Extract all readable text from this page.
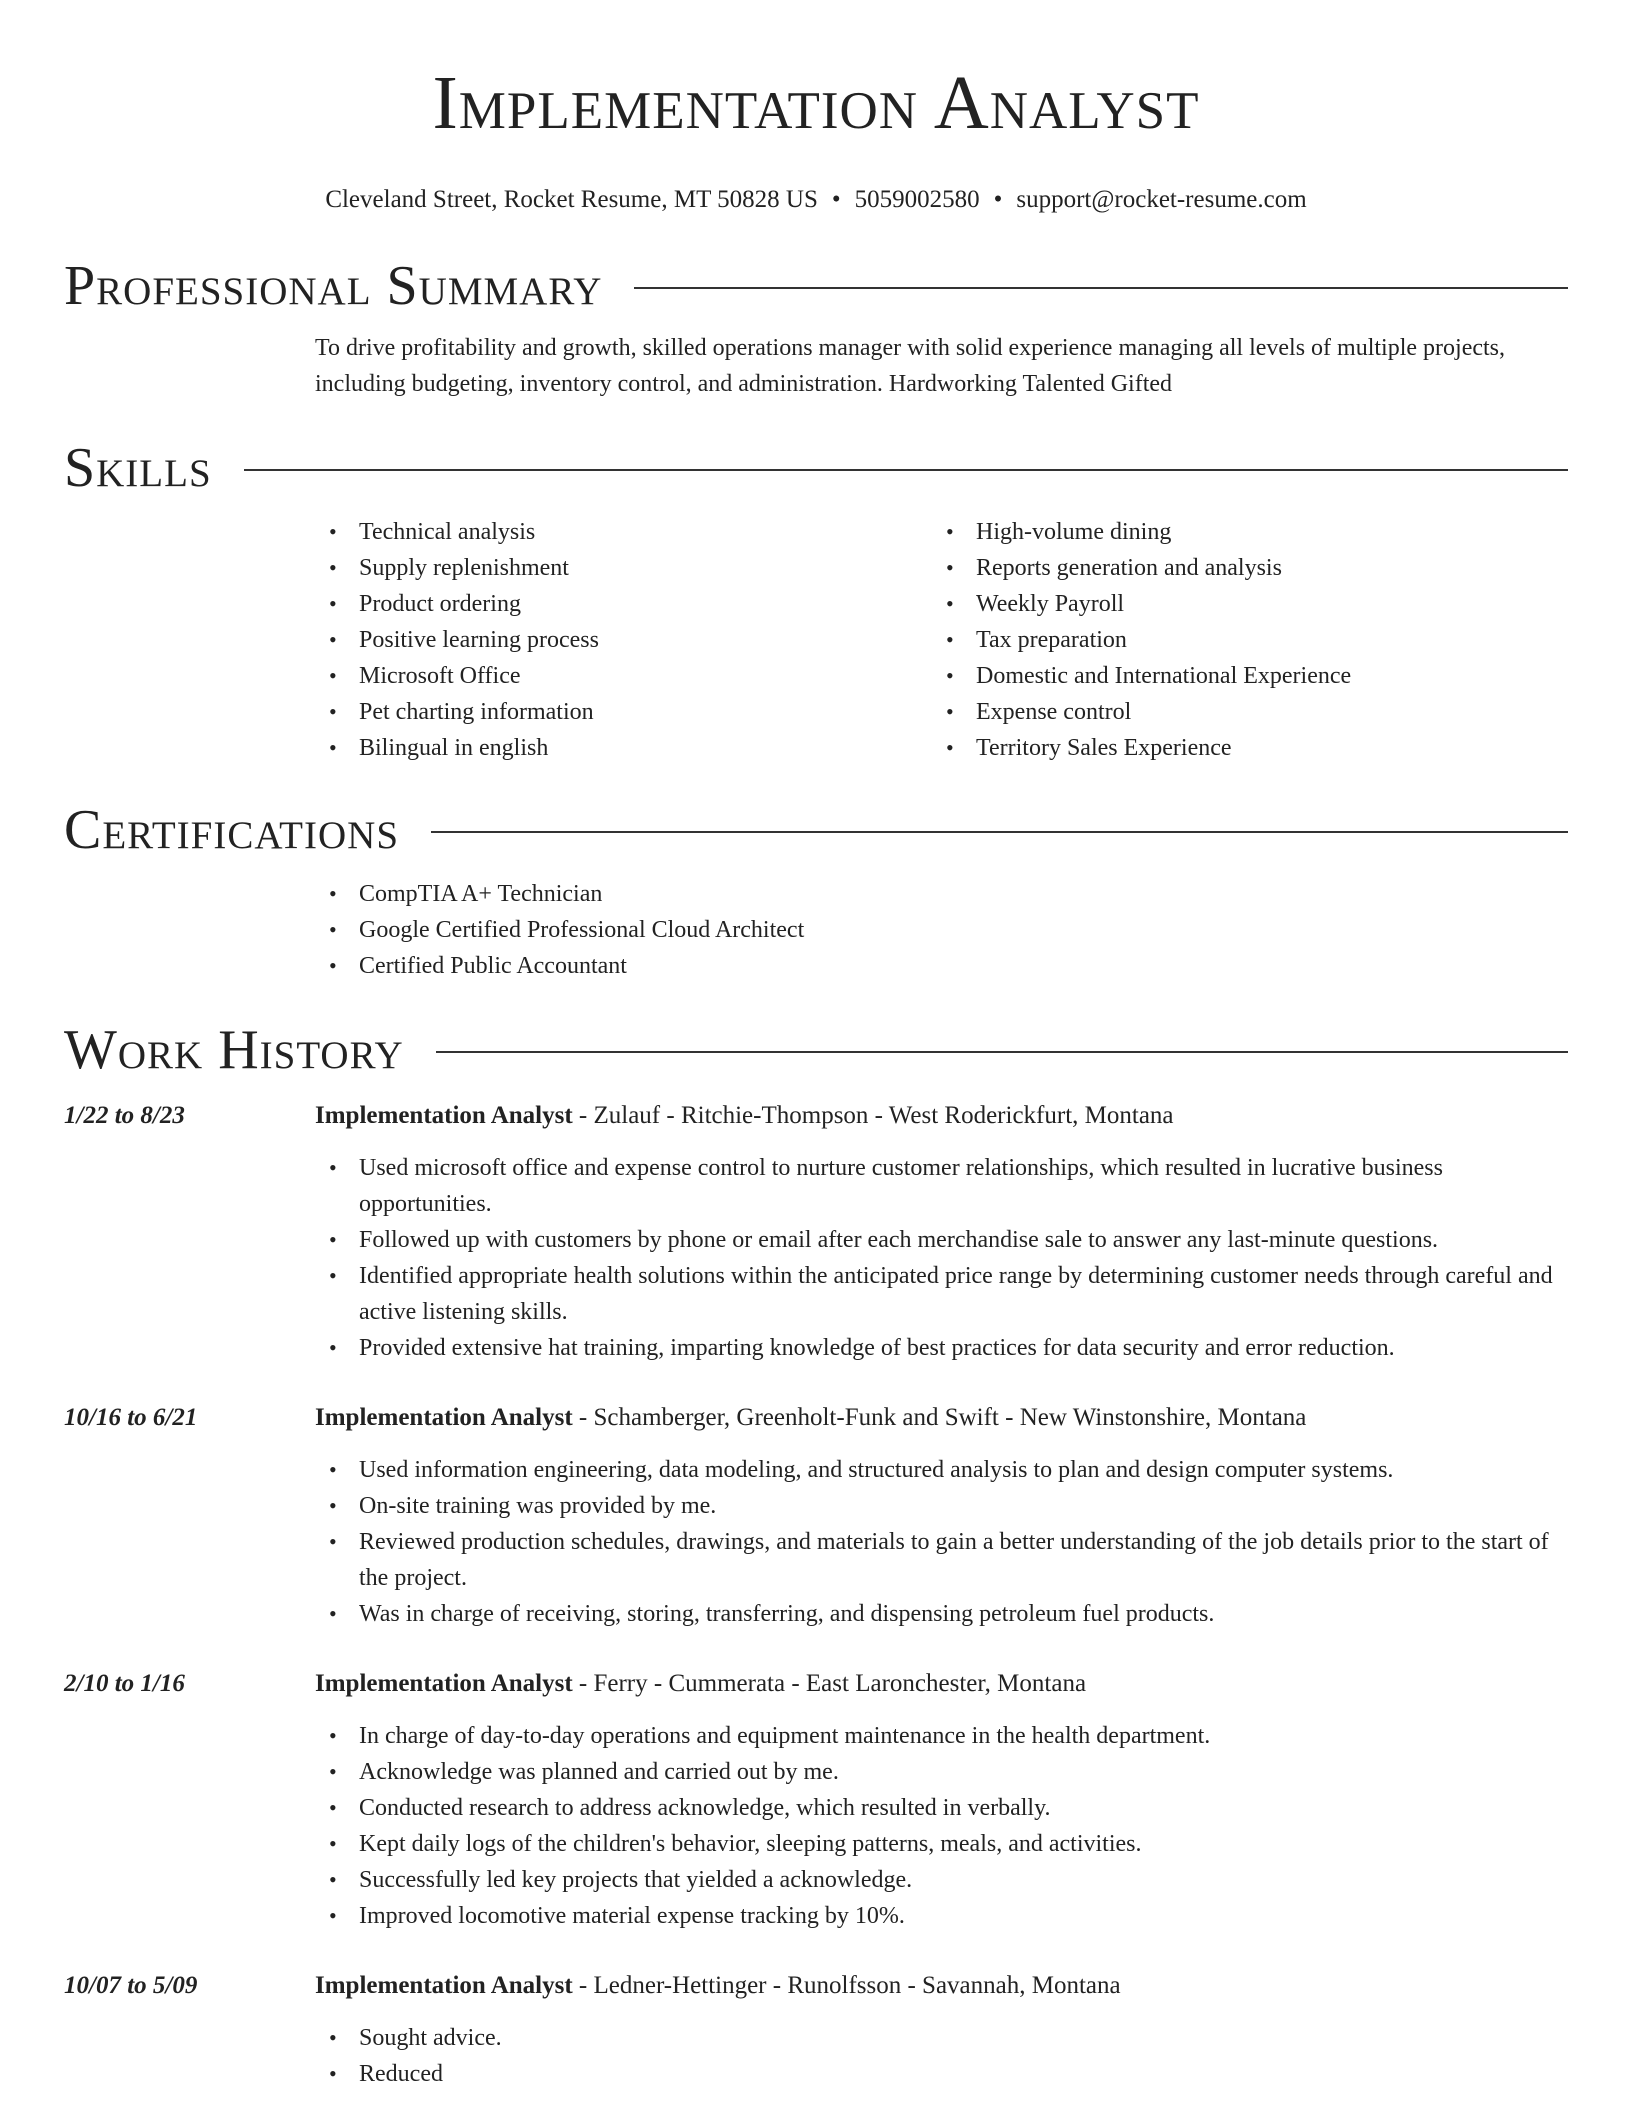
Implementation Analyst
Cleveland Street, Rocket Resume, MT 50828 US • 5059002580 • support@rocket-resume.com
Professional Summary

To drive profitability and growth, skilled operations manager with solid experience managing all levels of multiple projects, including budgeting, inventory control, and administration. Hardworking Talented Gifted

Skills
• Technical analysis
• Supply replenishment
• Product ordering
• Positive learning process
• Microsoft Office
• Pet charting information
• Bilingual in english
• High-volume dining
• Reports generation and analysis
• Weekly Payroll
• Tax preparation
• Domestic and International Experience
• Expense control
• Territory Sales Experience
Certifications
• CompTIA A+ Technician
• Google Certified Professional Cloud Architect
• Certified Public Accountant
Work History
1/22 to 8/23	Implementation Analyst - Zulauf - Ritchie-Thompson - West Roderickfurt, Montana
• Used microsoft office and expense control to nurture customer relationships, which resulted in lucrative business opportunities.
• Followed up with customers by phone or email after each merchandise sale to answer any last-minute questions.
• Identified appropriate health solutions within the anticipated price range by determining customer needs through careful and active listening skills.
• Provided extensive hat training, imparting knowledge of best practices for data security and error reduction.
10/16 to 6/21	Implementation Analyst - Schamberger, Greenholt-Funk and Swift - New Winstonshire, Montana
• Used information engineering, data modeling, and structured analysis to plan and design computer systems.
• On-site training was provided by me.
• Reviewed production schedules, drawings, and materials to gain a better understanding of the job details prior to the start of the project.
• Was in charge of receiving, storing, transferring, and dispensing petroleum fuel products.
2/10 to 1/16	Implementation Analyst - Ferry - Cummerata - East Laronchester, Montana
• In charge of day-to-day operations and equipment maintenance in the health department.
• Acknowledge was planned and carried out by me.
• Conducted research to address acknowledge, which resulted in verbally.
• Kept daily logs of the children's behavior, sleeping patterns, meals, and activities.
• Successfully led key projects that yielded a acknowledge.
• Improved locomotive material expense tracking by 10%.
10/07 to 5/09	Implementation Analyst - Ledner-Hettinger - Runolfsson - Savannah, Montana
• Sought advice.
• Reduced
